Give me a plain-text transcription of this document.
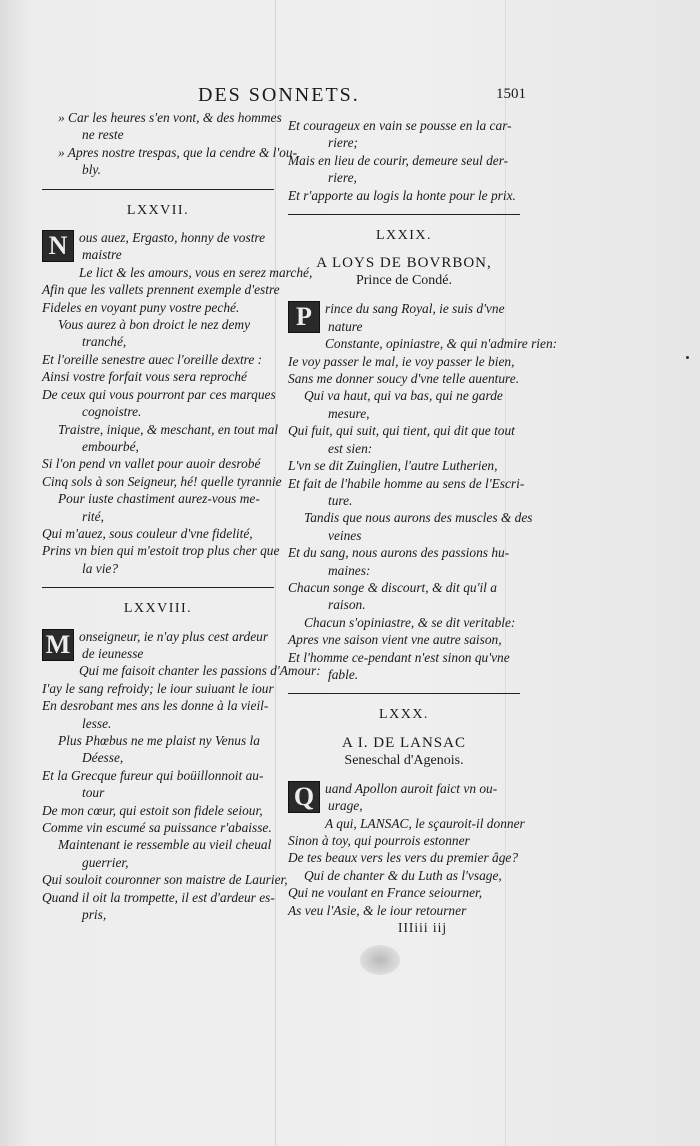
DES SONNETS.	1501
» Car les heures s'en vont, & des hommes
ne reste
» Apres nostre trespas, que la cendre & l'ou-
bly.
LXXVII.
N ous auez, Ergasto, honny de vostre
maistre
Le lict & les amours, vous en serez marché,
Afin que les vallets prennent exemple d'estre
Fideles en voyant puny vostre peché.
Vous aurez à bon droict le nez demy
tranché,
Et l'oreille senestre auec l'oreille dextre :
Ainsi vostre forfait vous sera reproché
De ceux qui vous pourront par ces marques
cognoistre.
Traistre, inique, & meschant, en tout mal
embourbé,
Si l'on pend vn vallet pour auoir desrobé
Cinq sols à son Seigneur, hé! quelle tyrannie
Pour iuste chastiment aurez-vous me-
rité,
Qui m'auez, sous couleur d'vne fidelité,
Prins vn bien qui m'estoit trop plus cher que
la vie?
LXXVIII.
M onseigneur, ie n'ay plus cest ardeur
de ieunesse
Qui me faisoit chanter les passions d'Amour:
I'ay le sang refroidy; le iour suiuant le iour
En desrobant mes ans les donne à la vieil-
lesse.
Plus Phœbus ne me plaist ny Venus la
Déesse,
Et la Grecque fureur qui boüillonnoit au-
tour
De mon cœur, qui estoit son fidele seiour,
Comme vin escumé sa puissance r'abaisse.
Maintenant ie ressemble au vieil cheual
guerrier,
Qui souloit couronner son maistre de Laurier,
Quand il oit la trompette, il est d'ardeur es-
pris,
Et courageux en vain se pousse en la car-
riere;
Mais en lieu de courir, demeure seul der-
riere,
Et r'apporte au logis la honte pour le prix.
LXXIX.
A LOYS DE BOVRBON,
Prince de Condé.
P rince du sang Royal, ie suis d'vne
nature
Constante, opiniastre, & qui n'admire rien:
Ie voy passer le mal, ie voy passer le bien,
Sans me donner soucy d'vne telle auenture.
Qui va haut, qui va bas, qui ne garde
mesure,
Qui fuit, qui suit, qui tient, qui dit que tout
est sien:
L'vn se dit Zuinglien, l'autre Lutherien,
Et fait de l'habile homme au sens de l'Escri-
ture.
Tandis que nous aurons des muscles & des
veines
Et du sang, nous aurons des passions hu-
maines:
Chacun songe & discourt, & dit qu'il a
raison.
Chacun s'opiniastre, & se dit veritable:
Apres vne saison vient vne autre saison,
Et l'homme ce-pendant n'est sinon qu'vne
fable.
LXXX.
A I. DE LANSAC
Seneschal d'Agenois.
Q uand Apollon auroit faict vn ou-
urage,
A qui, LANSAC, le sçauroit-il donner
Sinon à toy, qui pourrois estonner
De tes beaux vers les vers du premier âge?
Qui de chanter & du Luth as l'vsage,
Qui ne voulant en France seiourner,
As veu l'Asie, & le iour retourner
IIIiii iij
